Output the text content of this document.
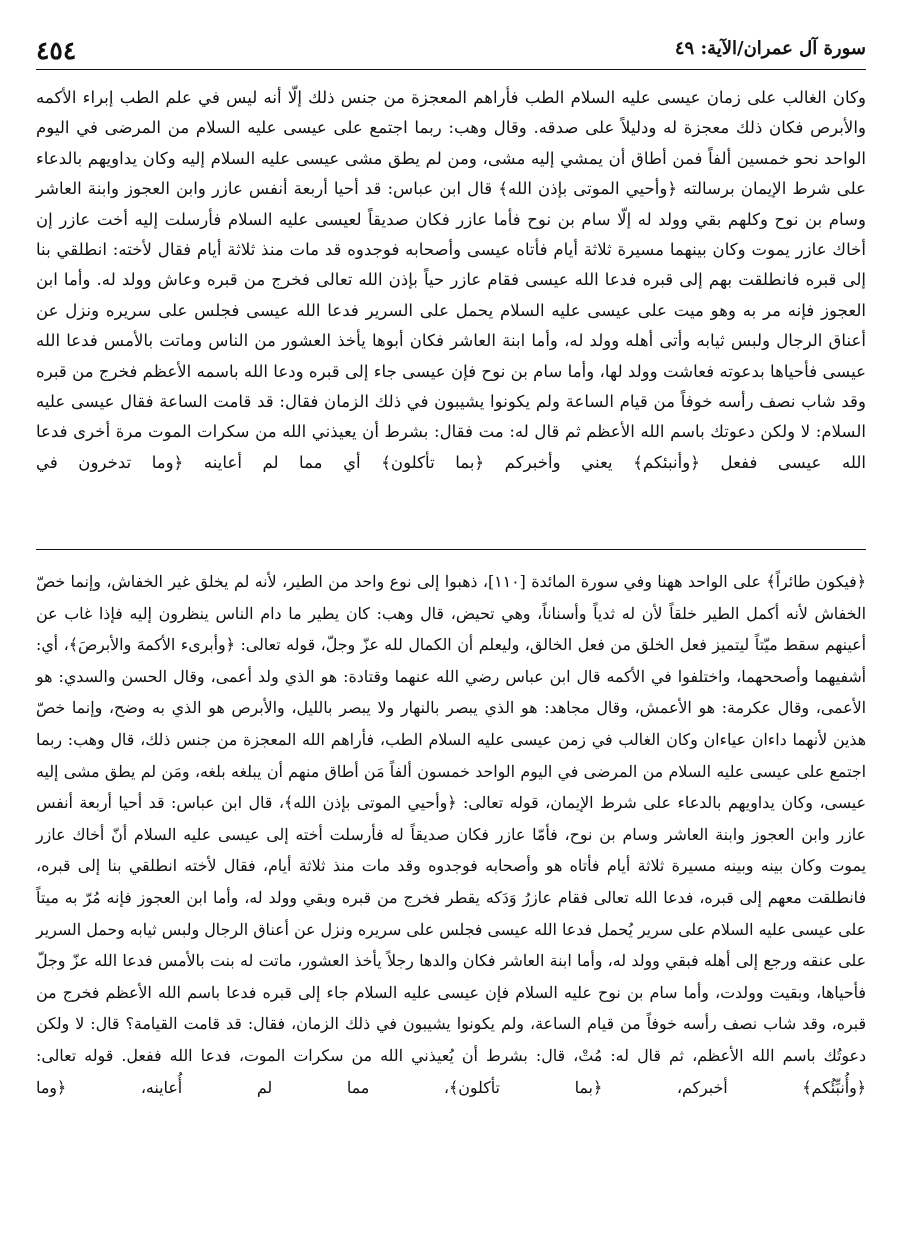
٤٥٤	سورة آل عمران/الآية: ٤٩

وكان الغالب على زمان عيسى عليه السلام الطب فأراهم المعجزة من جنس ذلك إلّا أنه ليس في علم الطب إبراء الأكمه والأبرص فكان ذلك معجزة له ودليلاً على صدقه. وقال وهب: ربما اجتمع على عيسى عليه السلام من المرضى في اليوم الواحد نحو خمسين ألفاً فمن أطاق أن يمشي إليه مشى، ومن لم يطق مشى عيسى عليه السلام إليه وكان يداويهم بالدعاء على شرط الإيمان برسالته ﴿وأحيي الموتى بإذن الله﴾ قال ابن عباس: قد أحيا أربعة أنفس عازر وابن العجوز وابنة العاشر وسام بن نوح وكلهم بقي وولد له إلّا سام بن نوح فأما عازر فكان صديقاً لعيسى عليه السلام فأرسلت إليه أخت عازر إن أخاك عازر يموت وكان بينهما مسيرة ثلاثة أيام فأتاه عيسى وأصحابه فوجدوه قد مات منذ ثلاثة أيام فقال لأخته: انطلقي بنا إلى قبره فانطلقت بهم إلى قبره فدعا الله عيسى فقام عازر حياً بإذن الله تعالى فخرج من قبره وعاش وولد له. وأما ابن العجوز فإنه مر به وهو ميت على عيسى عليه السلام يحمل على السرير فدعا الله عيسى فجلس على سريره ونزل عن أعناق الرجال ولبس ثيابه وأتى أهله وولد له، وأما ابنة العاشر فكان أبوها يأخذ العشور من الناس وماتت بالأمس فدعا الله عيسى فأحياها بدعوته فعاشت وولد لها، وأما سام بن نوح فإن عيسى جاء إلى قبره ودعا الله باسمه الأعظم فخرج من قبره وقد شاب نصف رأسه خوفاً من قيام الساعة ولم يكونوا يشيبون في ذلك الزمان فقال: قد قامت الساعة فقال عيسى عليه السلام: لا ولكن دعوتك باسم الله الأعظم ثم قال له: مت فقال: بشرط أن يعيذني الله من سكرات الموت مرة أخرى فدعا الله عيسى ففعل ﴿وأنبئكم﴾ يعني وأخبركم ﴿بما تأكلون﴾ أي مما لم أعاينه ﴿وما تدخرون في

﴿فيكون طائراً﴾ على الواحد ههنا وفي سورة المائدة [١١٠]، ذهبوا إلى نوع واحد من الطير، لأنه لم يخلق غير الخفاش، وإنما خصّ الخفاش لأنه أكمل الطير خلقاً لأن له ثدياً وأسناناً، وهي تحيض، قال وهب: كان يطير ما دام الناس ينظرون إليه فإذا غاب عن أعينهم سقط ميّتاً ليتميز فعل الخلق من فعل الخالق، وليعلم أن الكمال لله عزّ وجلّ، قوله تعالى: ﴿وأبرىء الأكمهَ والأبرصَ﴾، أي: أشفيهما وأصححهما، واختلفوا في الأكمه قال ابن عباس رضي الله عنهما وقتادة: هو الذي ولد أعمى، وقال الحسن والسدي: هو الأعمى، وقال عكرمة: هو الأعمش، وقال مجاهد: هو الذي يبصر بالنهار ولا يبصر بالليل، والأبرص هو الذي به وضح، وإنما خصّ هذين لأنهما داءان عياءان وكان الغالب في زمن عيسى عليه السلام الطب، فأراهم الله المعجزة من جنس ذلك، قال وهب: ربما اجتمع على عيسى عليه السلام من المرضى في اليوم الواحد خمسون ألفاً مَن أطاق منهم أن يبلغه بلغه، ومَن لم يطق مشى إليه عيسى، وكان يداويهم بالدعاء على شرط الإيمان، قوله تعالى: ﴿وأحيي الموتى بإذن الله﴾، قال ابن عباس: قد أحيا أربعة أنفس عازر وابن العجوز وابنة العاشر وسام بن نوح، فأمّا عازر فكان صديقاً له فأرسلت أخته إلى عيسى عليه السلام أنّ أخاك عازر يموت وكان بينه وبينه مسيرة ثلاثة أيام فأتاه هو وأصحابه فوجدوه وقد مات منذ ثلاثة أيام، فقال لأخته انطلقي بنا إلى قبره، فانطلقت معهم إلى قبره، فدعا الله تعالى فقام عازرُ وَدَكه يقطر فخرج من قبره وبقي وولد له، وأما ابن العجوز فإنه مُرّ به ميتاً على عيسى عليه السلام على سرير يُحمل فدعا الله عيسى فجلس على سريره ونزل عن أعناق الرجال ولبس ثيابه وحمل السرير على عنقه ورجع إلى أهله فبقي وولد له، وأما ابنة العاشر فكان والدها رجلاً يأخذ العشور، ماتت له بنت بالأمس فدعا الله عزّ وجلّ فأحياها، وبقيت وولدت، وأما سام بن نوح عليه السلام فإن عيسى عليه السلام جاء إلى قبره فدعا باسم الله الأعظم فخرج من قبره، وقد شاب نصف رأسه خوفاً من قيام الساعة، ولم يكونوا يشيبون في ذلك الزمان، فقال: قد قامت القيامة؟ قال: لا ولكن دعوتُك باسم الله الأعظم، ثم قال له: مُتْ، قال: بشرط أن يُعيذني الله من سكرات الموت، فدعا الله ففعل. قوله تعالى: ﴿وأُنبِّئُكم﴾ أخبركم، ﴿بما تأكلون﴾، مما لم أُعاينه، ﴿وما
